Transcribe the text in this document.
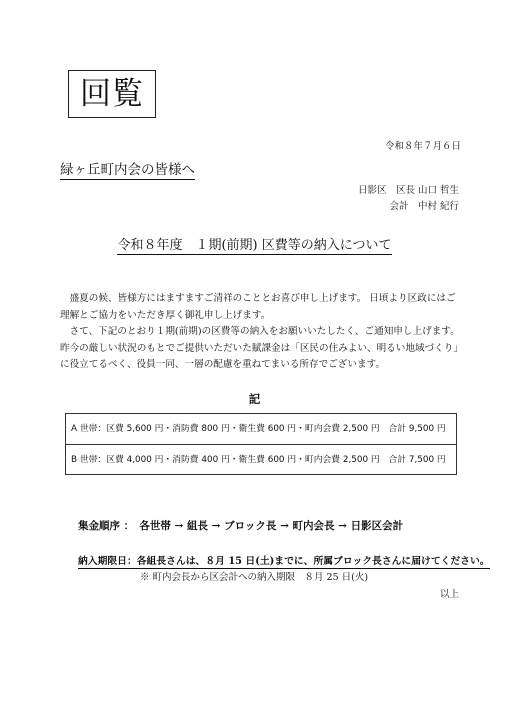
回覧
令和８年７月６日
緑ヶ丘町内会の皆様へ
日影区　区長 山口 哲生
会計　中村 紀行
令和８年度　１期(前期) 区費等の納入について

　盛夏の候、皆様方にはますますご清祥のこととお喜び申し上げます。 日頃より区政にはご理解とご協力をいただき厚く御礼申し上げます。

　さて、下記のとおり１期(前期)の区費等の納入をお願いいたしたく、ご通知申し上げます。昨今の厳しい状況のもとでご提供いただいた賦課金は「区民の住みよい、明るい地域づくり」に役立てるべく、役員一同、一層の配慮を重ねてまいる所存でございます。

記
A 世帯：区費 5,600 円・消防費 800 円・衛生費 600 円・町内会費 2,500 円　合計 9,500 円
B 世帯：区費 4,000 円・消防費 400 円・衛生費 600 円・町内会費 2,500 円　合計 7,500 円
集金順序 ：　各世帯 → 組長 → ブロック長 → 町内会長 → 日影区会計
納入期限日：各組長さんは、８月 15 日(土)までに、所属ブロック長さんに届けてください。
※ 町内会長から区会計への納入期限　８月 25 日(火)
以上
